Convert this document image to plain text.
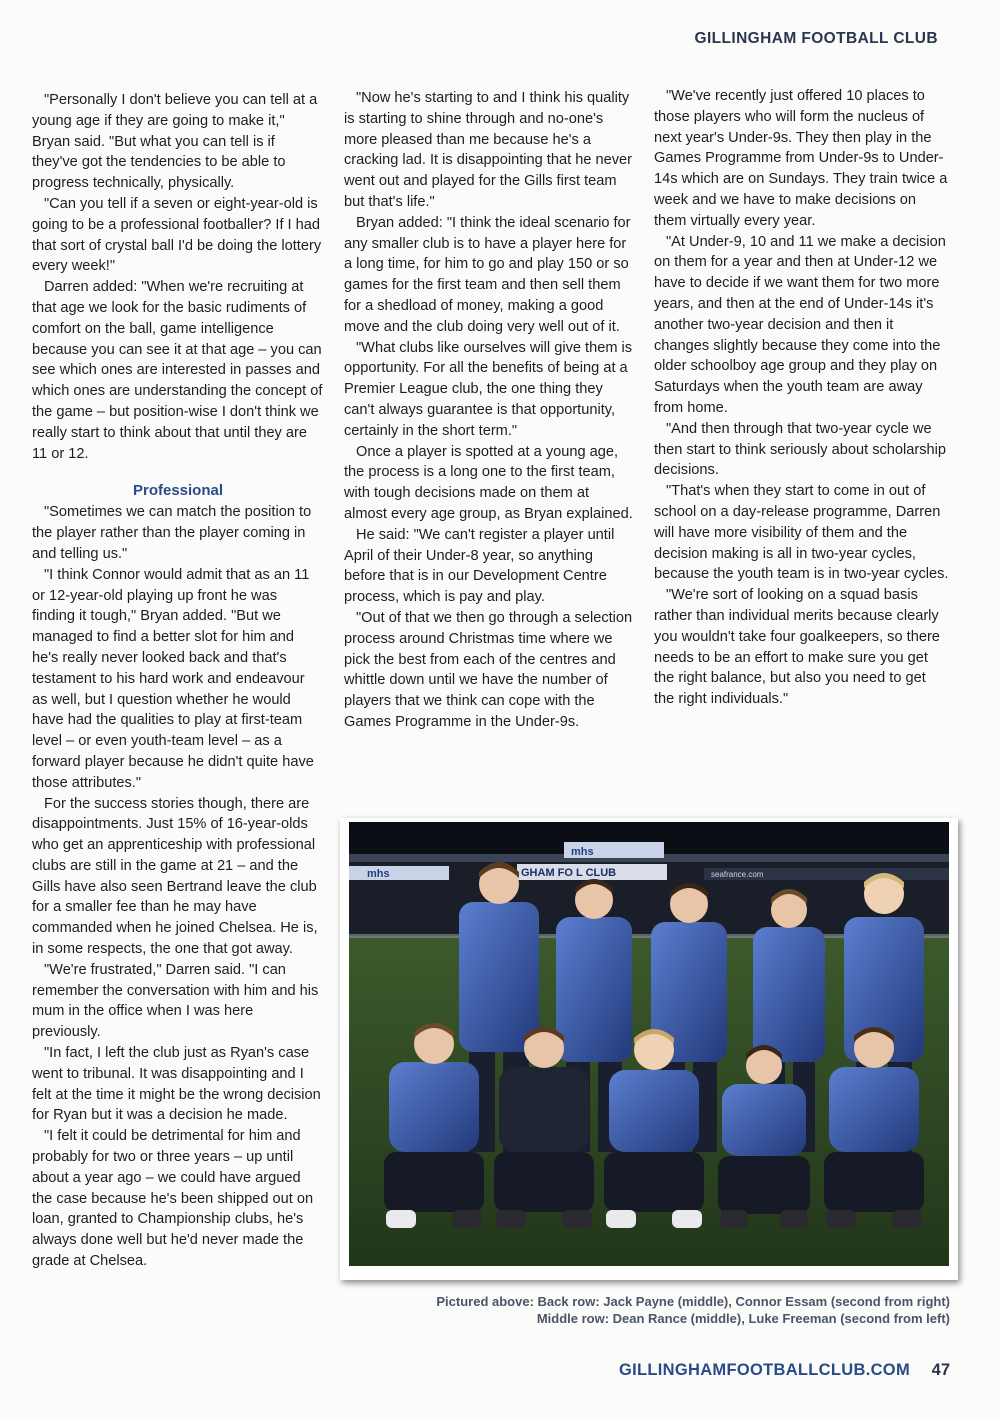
GILLINGHAM FOOTBALL CLUB

"Personally I don't believe you can tell at a young age if they are going to make it," Bryan said. "But what you can tell is if they've got the tendencies to be able to progress technically, physically.

"Can you tell if a seven or eight-year-old is going to be a professional footballer? If I had that sort of crystal ball I'd be doing the lottery every week!"

Darren added: "When we're recruiting at that age we look for the basic rudiments of comfort on the ball, game intelligence because you can see it at that age – you can see which ones are interested in passes and which ones are understanding the concept of the game – but position-wise I don't think we really start to think about that until they are 11 or 12.

Professional

"Sometimes we can match the position to the player rather than the player coming in and telling us."

"I think Connor would admit that as an 11 or 12-year-old playing up front he was finding it tough," Bryan added. "But we managed to find a better slot for him and he's really never looked back and that's testament to his hard work and endeavour as well, but I question whether he would have had the qualities to play at first-team level – or even youth-team level – as a forward player because he didn't quite have those attributes."

For the success stories though, there are disappointments. Just 15% of 16-year-olds who get an apprenticeship with professional clubs are still in the game at 21 – and the Gills have also seen Bertrand leave the club for a smaller fee than he may have commanded when he joined Chelsea. He is, in some respects, the one that got away.

"We're frustrated," Darren said. "I can remember the conversation with him and his mum in the office when I was here previously.

"In fact, I left the club just as Ryan's case went to tribunal. It was disappointing and I felt at the time it might be the wrong decision for Ryan but it was a decision he made.

"I felt it could be detrimental for him and probably for two or three years – up until about a year ago – we could have argued the case because he's been shipped out on loan, granted to Championship clubs, he's always done well but he'd never made the grade at Chelsea.

"Now he's starting to and I think his quality is starting to shine through and no-one's more pleased than me because he's a cracking lad. It is disappointing that he never went out and played for the Gills first team but that's life."

Bryan added: "I think the ideal scenario for any smaller club is to have a player here for a long time, for him to go and play 150 or so games for the first team and then sell them for a shedload of money, making a good move and the club doing very well out of it.

"What clubs like ourselves will give them is opportunity. For all the benefits of being at a Premier League club, the one thing they can't always guarantee is that opportunity, certainly in the short term."

Once a player is spotted at a young age, the process is a long one to the first team, with tough decisions made on them at almost every age group, as Bryan explained.

He said: "We can't register a player until April of their Under-8 year, so anything before that is in our Development Centre process, which is pay and play.

"Out of that we then go through a selection process around Christmas time where we pick the best from each of the centres and whittle down until we have the number of players that we think can cope with the Games Programme in the Under-9s.

"We've recently just offered 10 places to those players who will form the nucleus of next year's Under-9s. They then play in the Games Programme from Under-9s to Under-14s which are on Sundays. They train twice a week and we have to make decisions on them virtually every year.

"At Under-9, 10 and 11 we make a decision on them for a year and then at Under-12 we have to decide if we want them for two more years, and then at the end of Under-14s it's another two-year decision and then it changes slightly because they come into the older schoolboy age group and they play on Saturdays when the youth team are away from home.

"And then through that two-year cycle we then start to think seriously about scholarship decisions.

"That's when they start to come in out of school on a day-release programme, Darren will have more visibility of them and the decision making is all in two-year cycles, because the youth team is in two-year cycles.

"We're sort of looking on a squad basis rather than individual merits because clearly you wouldn't take four goalkeepers, so there needs to be an effort to make sure you get the right balance, but also you need to get the right individuals."

mhs	GHAM FO L CLUB
mhs
seafrance.com
Pictured above: Back row: Jack Payne (middle), Connor Essam (second from right)
Middle row: Dean Rance (middle), Luke Freeman (second from left)
GILLINGHAMFOOTBALLCLUB.COM 47
